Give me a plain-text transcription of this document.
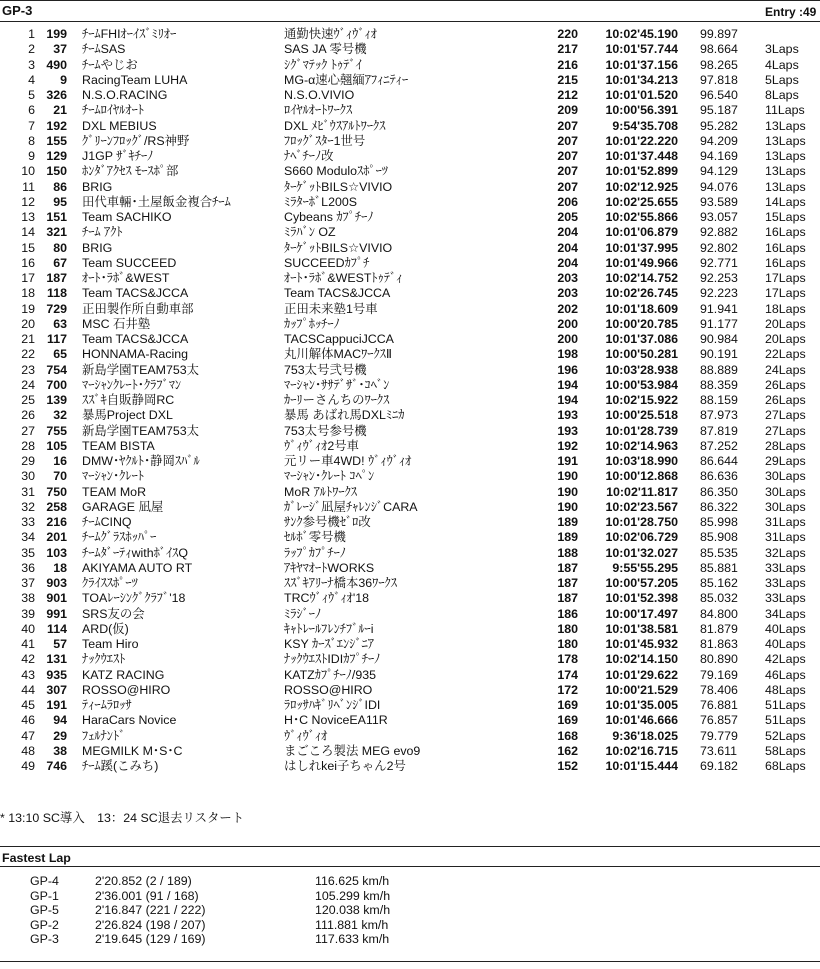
GP-3	Entry :49
1 199 ﾁｰﾑFHIｵｰｲｽﾞﾐﾘｵｰ	通勤快速ｳﾞｨｳﾞｨｵ	220	10:02'45.190 99.897
2	37 ﾁｰﾑSAS	SAS JA 零号機	217	10:01'57.744 98.664	3Laps
3 490 ﾁｰﾑやじお	ｼｸﾞﾏﾃｯｸ ﾄｩﾃﾞｲ	216	10:01'37.156 98.265	4Laps
4	9 RacingTeam LUHA	MG-α速心翹緬ｱﾌｨﾆﾃｨｰ	215	10:01'34.213 97.818	5Laps
5 326 N.S.O.RACING	N.S.O.VIVIO	212	10:01'01.520 96.540	8Laps
6	21 ﾁｰﾑﾛｲﾔﾙｵｰﾄ	ﾛｲﾔﾙｵｰﾄﾜｰｸｽ	209	10:00'56.391 95.187	11Laps
7 192 DXL MEBIUS	DXL ﾒﾋﾞｳｽｱﾙﾄﾜｰｸｽ	207	9:54'35.708 95.282	13Laps
8 155 ｸﾞﾘｰﾝﾌﾛｯｸﾞ/RS神野	ﾌﾛｯｸﾞｽﾀｰ1世号	207	10:01'22.220 94.209	13Laps
9 129 J1GP ｻﾞｷﾁｰﾉ	ﾅﾍﾞﾁｰﾉ改	207	10:01'37.448 94.169	13Laps
10 150 ﾎﾝﾀﾞｱｸｾｽ ﾓｰｽﾎﾟ部	S660 Moduloｽﾎﾟｰﾂ	207	10:01'52.899 94.129	13Laps
11	86 BRIG	ﾀｰｹﾞｯﾄBILS☆VIVIO	207	10:02'12.925 94.076	13Laps
12	95 田代車輛･土屋飯金複合ﾁｰﾑ	ﾐﾗﾀｰﾎﾞL200S	206	10:02'25.655 93.589	14Laps
13 151 Team SACHIKO	Cybeans ｶﾌﾟﾁｰﾉ	205	10:02'55.866 93.057	15Laps
14 321 ﾁｰﾑ ｱｸﾄ	ﾐﾗﾊﾞﾝ OZ	204	10:01'06.879 92.882	16Laps
15	80 BRIG	ﾀｰｹﾞｯﾄBILS☆VIVIO	204	10:01'37.995 92.802	16Laps
16	67 Team SUCCEED	SUCCEEDｶﾌﾟﾁ	204	10:01'49.966 92.771	16Laps
17 187 ｵｰﾄ･ﾗﾎﾞ&WEST	ｵｰﾄ･ﾗﾎﾞ&WESTﾄｩﾃﾞｨ	203	10:02'14.752 92.253	17Laps
18 118 Team TACS&JCCA	Team TACS&JCCA	203	10:02'26.745 92.223	17Laps
19 729 正田製作所自動車部	正田未来塾1号車	202	10:01'18.609 91.941	18Laps
20	63 MSC 石井塾	ｶｯﾌﾟﾎｯﾁｰﾉ	200	10:00'20.785 91.177	20Laps
21 117 Team TACS&JCCA	TACSCappuciJCCA	200	10:01'37.086 90.984	20Laps
22	65 HONNAMA-Racing	丸川解体MACﾜｰｸｽⅡ	198	10:00'50.281 90.191	22Laps
23 754 新島学園TEAM753太	753太号弐号機	196	10:03'28.938 88.889	24Laps
24 700 ﾏｰｼｬﾝｸﾚｰﾄ･ｸﾗﾌﾞﾏﾝ	ﾏｰｼｬﾝ･ｻｻﾃﾞｻﾞ･ｺﾍﾞﾝ	194	10:00'53.984 88.359	26Laps
25 139 ｽｽﾞｷ自販静岡RC	ｶｰﾘーさんちのﾜｰｸｽ	194	10:02'15.922 88.159	26Laps
26	32 暴馬Project DXL	暴馬 あばれ馬DXLﾐﾆｶ	193	10:00'25.518 87.973	27Laps
27 755 新島学園TEAM753太	753太号参号機	193	10:01'28.739 87.819	27Laps
28 105 TEAM BISTA	ｳﾞｨｳﾞｨｵ2号車	192	10:02'14.963 87.252	28Laps
29	16 DMW･ﾔｸﾙﾄ･静岡ｽﾊﾞﾙ	元リー車4WD! ｳﾞｨｳﾞｨｵ	191	10:03'18.990 86.644	29Laps
30	70 ﾏｰｼｬﾝ･ｸﾚｰﾄ	ﾏｰｼｬﾝ･ｸﾚｰﾄ ｺﾍﾟﾝ	190	10:00'12.868 86.636	30Laps
31 750 TEAM MoR	MoR ｱﾙﾄﾜｰｸｽ	190	10:02'11.817 86.350	30Laps
32 258 GARAGE 凪屋	ｶﾞﾚｰｼﾞ凪屋ﾁｬﾚﾝｼﾞCARA	190	10:02'23.567 86.322	30Laps
33 216 ﾁｰﾑCINQ	ｻﾝｸ参号機ｾﾞﾛ改	189	10:01'28.750 85.998	31Laps
34 201 ﾁｰﾑｸﾞﾗｽﾎｯﾊﾟｰ	ｾﾙﾎﾞ零号機	189	10:02'06.729 85.908	31Laps
35 103 ﾁｰﾑﾀﾞｰﾃｨwithﾎﾞｲｽQ	ﾗｯﾌﾟｶﾌﾟﾁｰﾉ	188	10:01'32.027 85.535	32Laps
36	18 AKIYAMA AUTO RT	ｱｷﾔﾏｵｰﾄWORKS	187	9:55'55.295 85.881	33Laps
37 903 ｸﾗｲｽｽﾎﾟｰﾂ	ｽｽﾞｷｱﾘｰﾅ橋本36ﾜｰｸｽ	187	10:00'57.205 85.162	33Laps
38 901 TOAﾚｰｼﾝｸﾞｸﾗﾌﾞ'18	TRCｳﾞｨｳﾞｨｵ'18	187	10:01'52.398 85.032	33Laps
39 991 SRS友の会	ﾐﾗｼﾞｰﾉ	186	10:00'17.497 84.800	34Laps
40 114 ARD(仮)	ｷｬﾄﾚｰﾙﾌﾚﾝﾁﾌﾞﾙｰi	180	10:01'38.581 81.879	40Laps
41	57 Team Hiro	KSY ｶｰｽﾞｴﾝｼﾞﾆｱ	180	10:01'45.932 81.863	40Laps
42 131 ﾅｯｸｳｴｽﾄ	ﾅｯｸｳｴｽﾄIDIｶﾌﾟﾁｰﾉ	178	10:02'14.150 80.890	42Laps
43 935 KATZ RACING	KATZｶﾌﾟﾁｰﾉ/935	174	10:01'29.622 79.169	46Laps
44 307 ROSSO@HIRO	ROSSO@HIRO	172	10:00'21.529 78.406	48Laps
45 191 ﾃｨｰﾑﾗﾛｯｻ	ﾗﾛｯｻﾊｷﾞﾘﾍﾞﾝｼﾞIDI	169	10:01'35.005 76.881	51Laps
46	94 HaraCars Novice	H･C NoviceEA11R	169	10:01'46.666 76.857	51Laps
47	29 ﾌｪﾙﾅﾝﾄﾞ	ｳﾞｨｳﾞｨｵ	168	9:36'18.025 79.779	52Laps
48	38 MEGMILK M･S･C	まごころ製法 MEG evo9	162	10:02'16.715 73.611	58Laps
49 746 ﾁｰﾑ蹊(こみち)	はしれkei子ちゃん2号	152	10:01'15.444 69.182	68Laps
* 13:10 SC導入　13：24 SC退去リスタート
Fastest Lap
GP-4	2'20.852 (2 / 189)	116.625 km/h
GP-1	2'36.001 (91 / 168)	105.299 km/h
GP-5	2'16.847 (221 / 222)	120.038 km/h
GP-2	2'26.824 (198 / 207)	111.881 km/h
GP-3	2'19.645 (129 / 169)	117.633 km/h
